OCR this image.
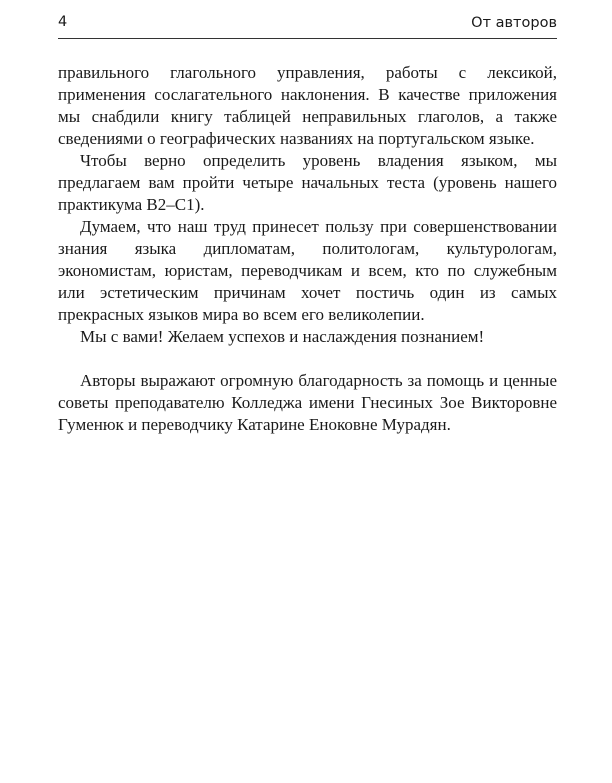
4	От авторов

правильного глагольного управления, работы с лексикой, применения сослагательного наклонения. В качестве приложения мы снабдили книгу таблицей неправильных глаголов, а также сведениями о географических названиях на португальском языке.

Чтобы верно определить уровень владения языком, мы предлагаем вам пройти четыре начальных теста (уровень нашего практикума B2–C1).

Думаем, что наш труд принесет пользу при совершенствовании знания языка дипломатам, политологам, культурологам, экономистам, юристам, переводчикам и всем, кто по служебным или эстетическим причинам хочет постичь один из самых прекрасных языков мира во всем его великолепии.

Мы с вами! Желаем успехов и наслаждения познанием!

Авторы выражают огромную благодарность за помощь и ценные советы преподавателю Колледжа имени Гнесиных Зое Викторовне Гуменюк и переводчику Катарине Еноковне Мурадян.
